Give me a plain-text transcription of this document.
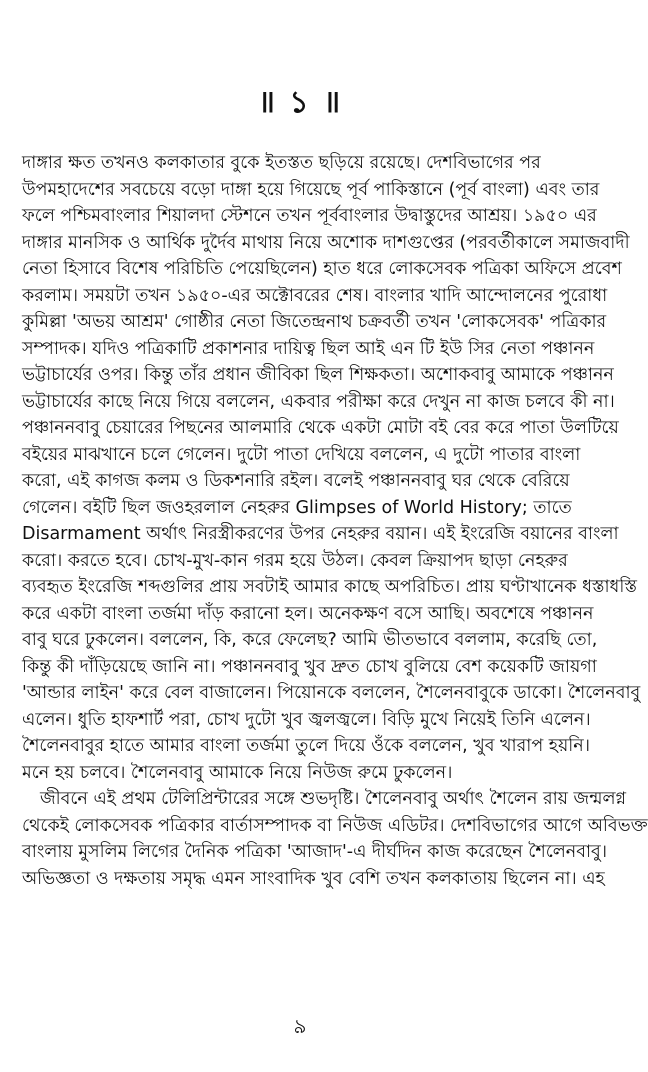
॥ ১ ॥
দাঙ্গার ক্ষত তখনও কলকাতার বুকে ইতস্তত ছড়িয়ে রয়েছে। দেশবিভাগের পর
উপমহাদেশের সবচেয়ে বড়ো দাঙ্গা হয়ে গিয়েছে পূর্ব পাকিস্তানে (পূর্ব বাংলা) এবং তার
ফলে পশ্চিমবাংলার শিয়ালদা স্টেশনে তখন পূর্ববাংলার উদ্বাস্তুদের আশ্রয়। ১৯৫০ এর
দাঙ্গার মানসিক ও আর্থিক দুর্দৈব মাথায় নিয়ে অশোক দাশগুপ্তের (পরবর্তীকালে সমাজবাদী
নেতা হিসাবে বিশেষ পরিচিতি পেয়েছিলেন) হাত ধরে লোকসেবক পত্রিকা অফিসে প্রবেশ
করলাম। সময়টা তখন ১৯৫০-এর অক্টোবরের শেষ। বাংলার খাদি আন্দোলনের পুরোধা
কুমিল্লা 'অভয় আশ্রম' গোষ্ঠীর নেতা জিতেন্দ্রনাথ চক্রবর্তী তখন 'লোকসেবক' পত্রিকার
সম্পাদক। যদিও পত্রিকাটি প্রকাশনার দায়িত্ব ছিল আই এন টি ইউ সির নেতা পঞ্চানন
ভট্টাচার্যের ওপর। কিন্তু তাঁর প্রধান জীবিকা ছিল শিক্ষকতা। অশোকবাবু আমাকে পঞ্চানন
ভট্টাচার্যের কাছে নিয়ে গিয়ে বললেন, একবার পরীক্ষা করে দেখুন না কাজ চলবে কী না।
পঞ্চাননবাবু চেয়ারের পিছনের আলমারি থেকে একটা মোটা বই বের করে পাতা উলটিয়ে
বইয়ের মাঝখানে চলে গেলেন। দুটো পাতা দেখিয়ে বললেন, এ দুটো পাতার বাংলা
করো, এই কাগজ কলম ও ডিকশনারি রইল। বলেই পঞ্চাননবাবু ঘর থেকে বেরিয়ে
গেলেন। বইটি ছিল জওহরলাল নেহরুর Glimpses of World History; তাতে
Disarmament অর্থাৎ নিরস্ত্রীকরণের উপর নেহরুর বয়ান। এই ইংরেজি বয়ানের বাংলা
করো। করতে হবে। চোখ-মুখ-কান গরম হয়ে উঠল। কেবল ক্রিয়াপদ ছাড়া নেহরুর
ব্যবহৃত ইংরেজি শব্দগুলির প্রায় সবটাই আমার কাছে অপরিচিত। প্রায় ঘণ্টাখানেক ধস্তাধস্তি
করে একটা বাংলা তর্জমা দাঁড় করানো হল। অনেকক্ষণ বসে আছি। অবশেষে পঞ্চানন
বাবু ঘরে ঢুকলেন। বললেন, কি, করে ফেলেছ? আমি ভীতভাবে বললাম, করেছি তো,
কিন্তু কী দাঁড়িয়েছে জানি না। পঞ্চাননবাবু খুব দ্রুত চোখ বুলিয়ে বেশ কয়েকটি জায়গা
'আন্ডার লাইন' করে বেল বাজালেন। পিয়োনকে বললেন, শৈলেনবাবুকে ডাকো। শৈলেনবাবু
এলেন। ধুতি হাফশার্ট পরা, চোখ দুটো খুব জ্বলজ্বলে। বিড়ি মুখে নিয়েই তিনি এলেন।
শৈলেনবাবুর হাতে আমার বাংলা তর্জমা তুলে দিয়ে ওঁকে বললেন, খুব খারাপ হয়নি।
মনে হয় চলবে। শৈলেনবাবু আমাকে নিয়ে নিউজ রুমে ঢুকলেন।
জীবনে এই প্রথম টেলিপ্রিন্টারের সঙ্গে শুভদৃষ্টি। শৈলেনবাবু অর্থাৎ শৈলেন রায় জন্মলগ্ন
থেকেই লোকসেবক পত্রিকার বার্তাসম্পাদক বা নিউজ এডিটর। দেশবিভাগের আগে অবিভক্ত
বাংলায় মুসলিম লিগের দৈনিক পত্রিকা 'আজাদ'-এ দীর্ঘদিন কাজ করেছেন শৈলেনবাবু।
অভিজ্ঞতা ও দক্ষতায় সমৃদ্ধ এমন সাংবাদিক খুব বেশি তখন কলকাতায় ছিলেন না। এহ
৯
